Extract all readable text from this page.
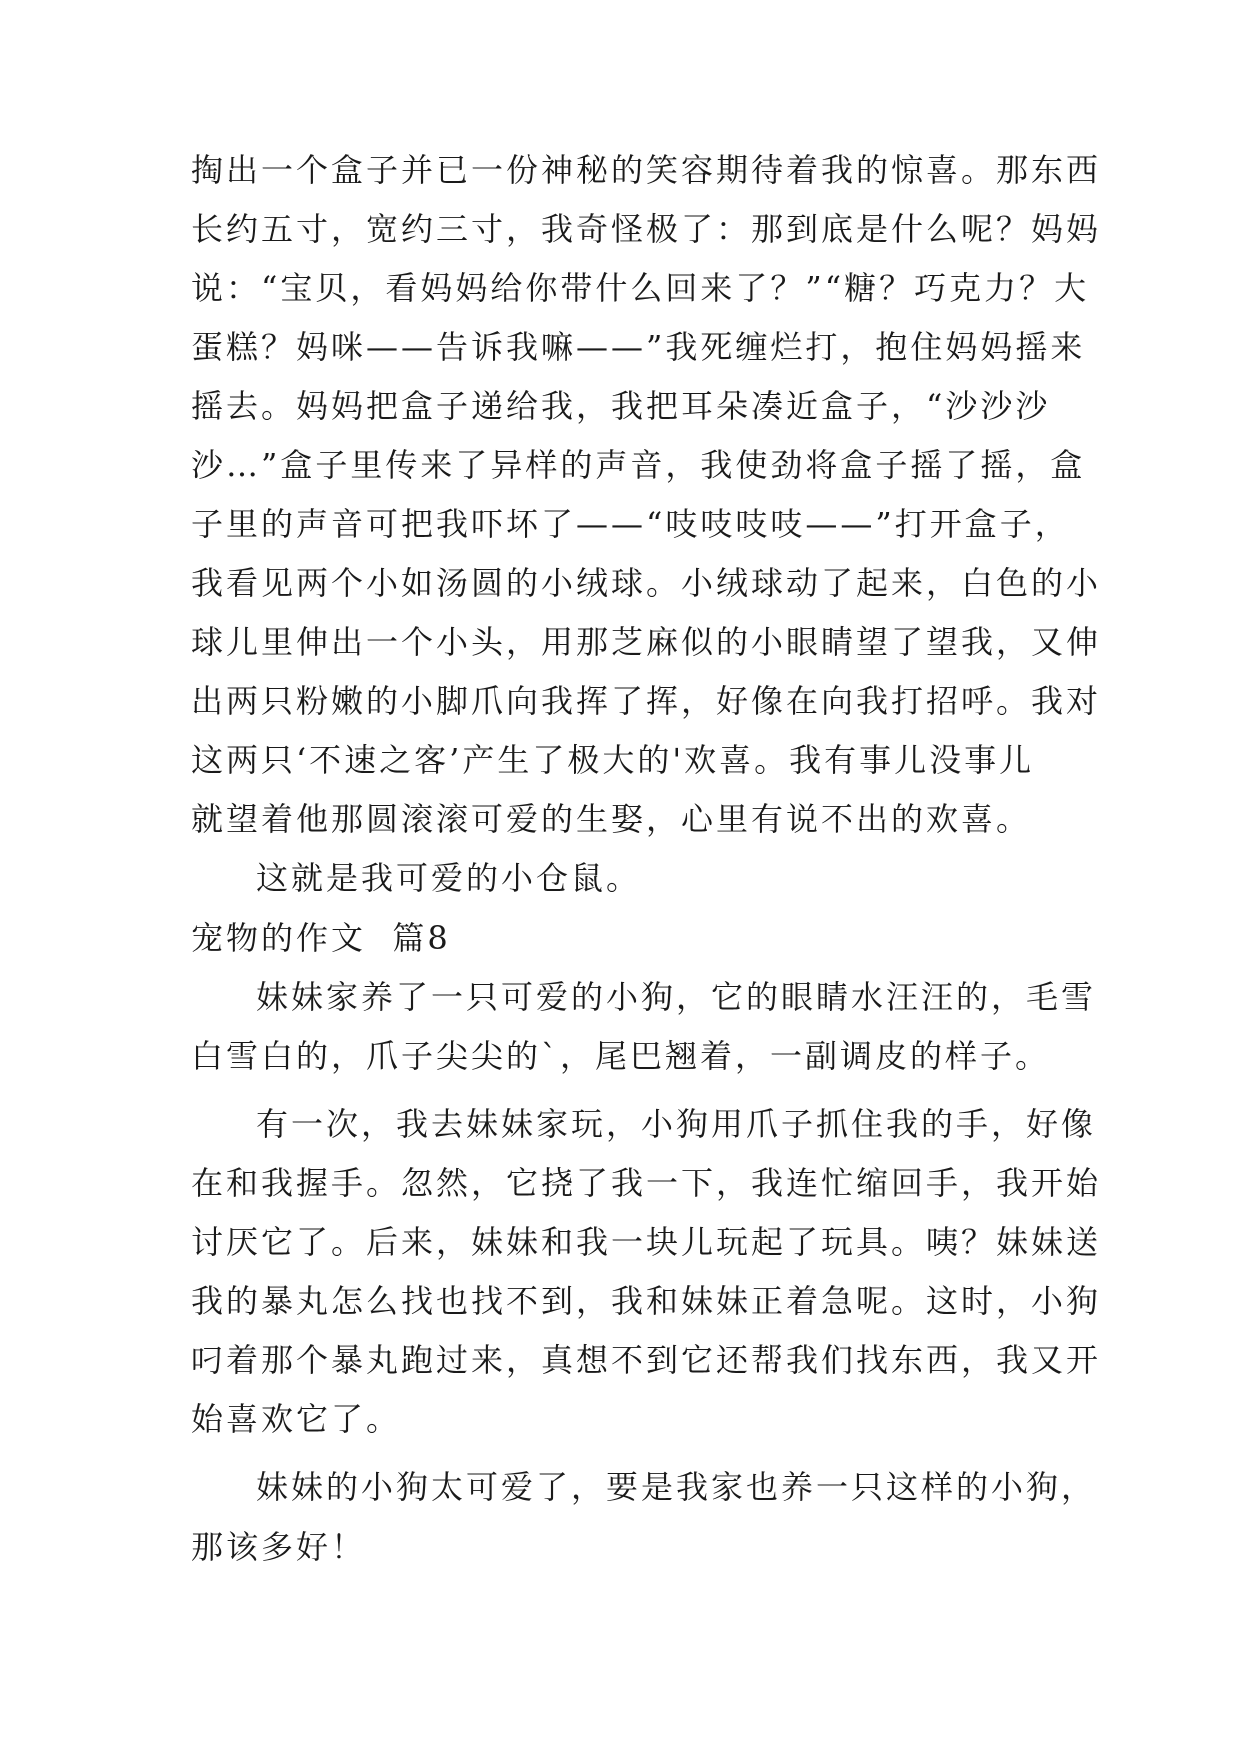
掏出一个盒子并已一份神秘的笑容期待着我的惊喜。那东西
长约五寸，宽约三寸，我奇怪极了：那到底是什么呢？妈妈
说：“宝贝，看妈妈给你带什么回来了？”“糖？巧克力？大
蛋糕？妈咪——告诉我嘛——”我死缠烂打，抱住妈妈摇来
摇去。妈妈把盒子递给我，我把耳朵凑近盒子，“沙沙沙
沙…”盒子里传来了异样的声音，我使劲将盒子摇了摇，盒
子里的声音可把我吓坏了——“吱吱吱吱——”打开盒子，
我看见两个小如汤圆的小绒球。小绒球动了起来，白色的小
球儿里伸出一个小头，用那芝麻似的小眼睛望了望我，又伸
出两只粉嫩的小脚爪向我挥了挥，好像在向我打招呼。我对
这两只‘不速之客’产生了极大的'欢喜。我有事儿没事儿
就望着他那圆滚滚可爱的生娶，心里有说不出的欢喜。
这就是我可爱的小仓鼠。
宠物的作文  篇8
妹妹家养了一只可爱的小狗，它的眼睛水汪汪的，毛雪
白雪白的，爪子尖尖的`，尾巴翘着，一副调皮的样子。
有一次，我去妹妹家玩，小狗用爪子抓住我的手，好像
在和我握手。忽然，它挠了我一下，我连忙缩回手，我开始
讨厌它了。后来，妹妹和我一块儿玩起了玩具。咦？妹妹送
我的暴丸怎么找也找不到，我和妹妹正着急呢。这时，小狗
叼着那个暴丸跑过来，真想不到它还帮我们找东西，我又开
始喜欢它了。
妹妹的小狗太可爱了，要是我家也养一只这样的小狗，
那该多好！
